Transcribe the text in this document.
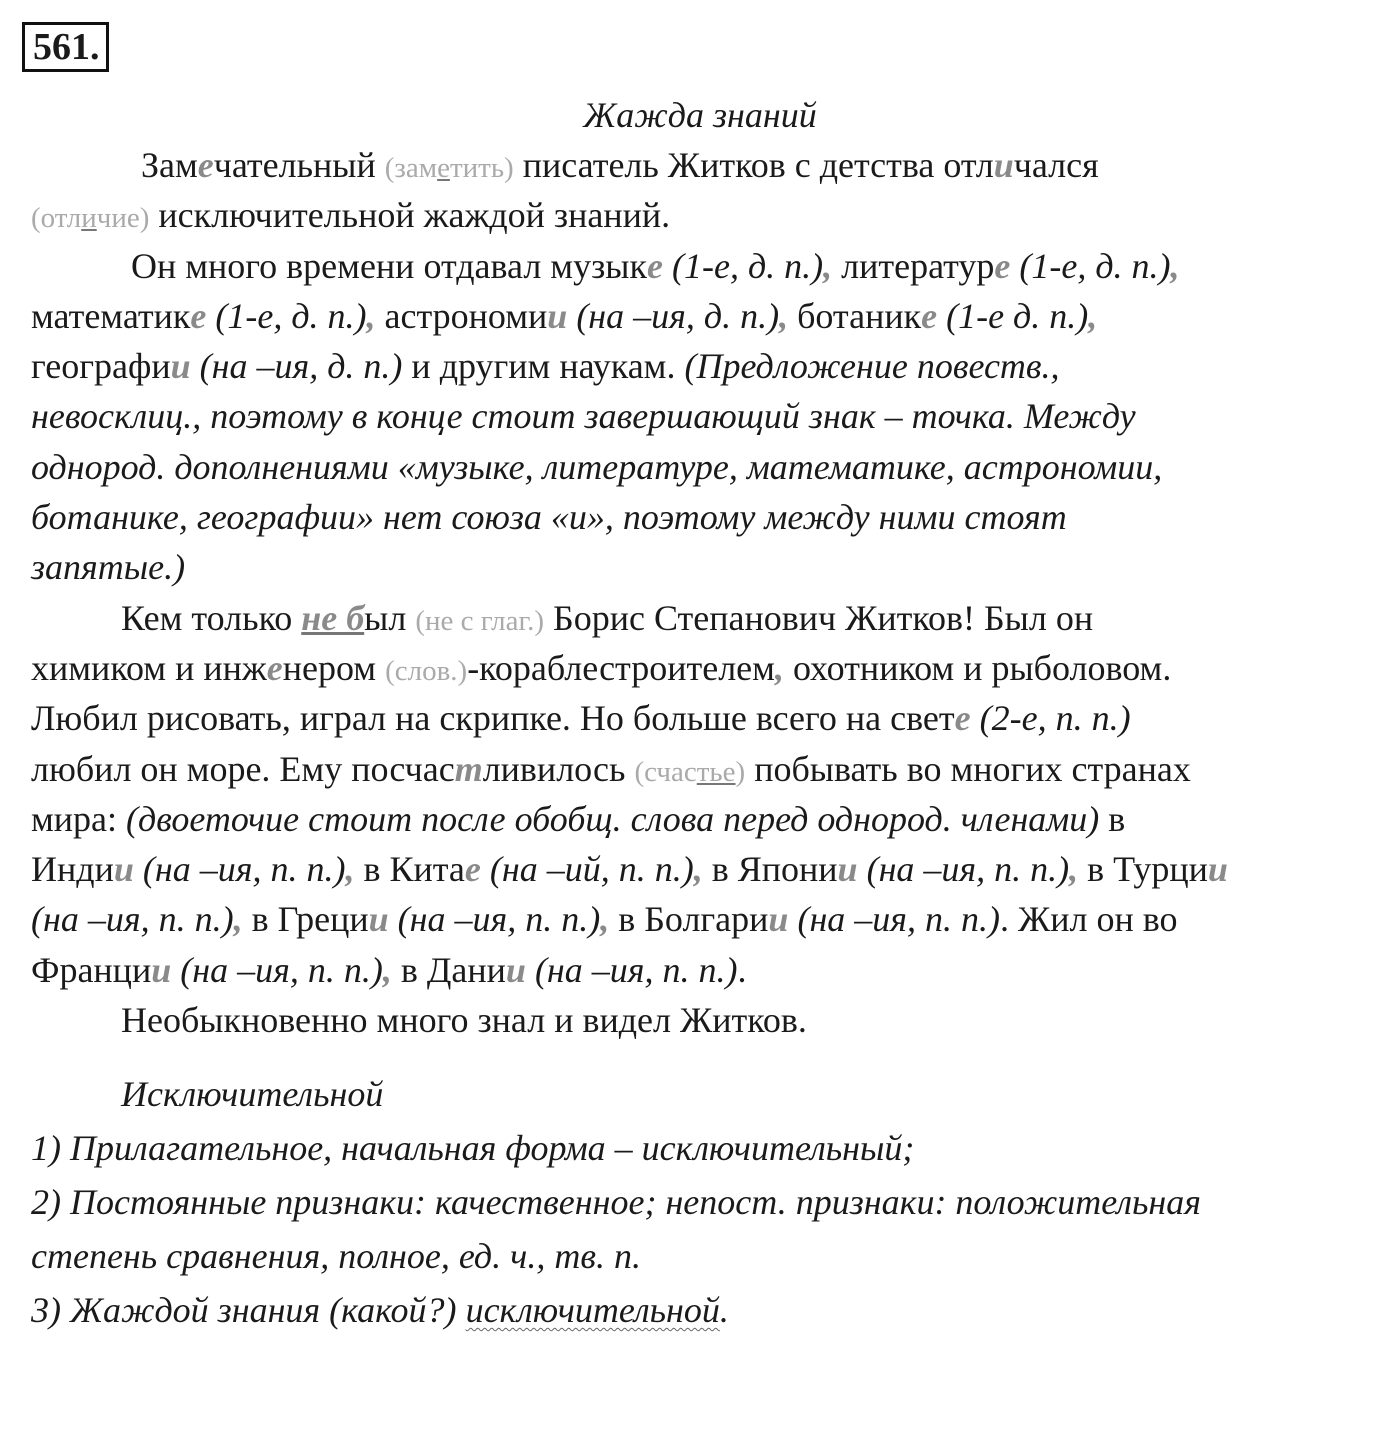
561.
Жажда знаний
Замечательный (заметить) писатель Житков с детства отличался
(отличие) исключительной жаждой знаний.
Он много времени отдавал музыке (1-е, д. п.), литературе (1-е, д. п.),
математике (1-е, д. п.), астрономии (на –ия, д. п.), ботанике (1-е д. п.),
географии (на –ия, д. п.) и другим наукам. (Предложение повеств.,
невосклиц., поэтому в конце стоит завершающий знак – точка. Между
однород. дополнениями «музыке, литературе, математике, астрономии,
ботанике, географии» нет союза «и», поэтому между ними стоят
запятые.)
Кем только не был (не с глаг.) Борис Степанович Житков! Был он
химиком и инженером (слов.)-кораблестроителем, охотником и рыболовом.
Любил рисовать, играл на скрипке. Но больше всего на свете (2-е, п. п.)
любил он море. Ему посчастливилось (счастье) побывать во многих странах
мира: (двоеточие стоит после обобщ. слова перед однород. членами) в
Индии (на –ия, п. п.), в Китае (на –ий, п. п.), в Японии (на –ия, п. п.), в Турции
(на –ия, п. п.), в Греции (на –ия, п. п.), в Болгарии (на –ия, п. п.). Жил он во
Франции (на –ия, п. п.), в Дании (на –ия, п. п.).
Необыкновенно много знал и видел Житков.
Исключительной
1) Прилагательное, начальная форма – исключительный;
2) Постоянные признаки: качественное; непост. признаки: положительная
степень сравнения, полное, ед. ч., тв. п.
3) Жаждой знания (какой?) исключительной.
